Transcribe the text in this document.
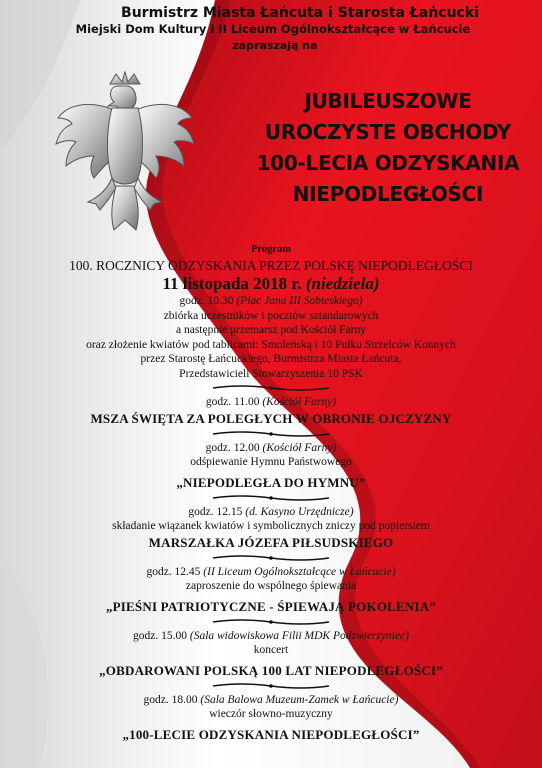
Burmistrz Miasta Łańcuta i Starosta Łańcucki
Miejski Dom Kultury i II Liceum Ogólnokształcące w Łańcucie
zapraszają na
JUBILEUSZOWE
UROCZYSTE OBCHODY
100-LECIA ODZYSKANIA
NIEPODLEGŁOŚCI
Program
100. ROCZNICY ODZYSKANIA PRZEZ POLSKĘ NIEPODLEGŁOŚCI
11 listopada 2018 r. (niedziela)
godz. 10.30 (Plac Jana III Sobieskiego)
zbiórka uczestników i pocztów sztandarowych
a następnie przemarsz pod Kościół Farny
oraz złożenie kwiatów pod tablicami: Smoleńską i 10 Pułku Strzelców Konnych
przez Starostę Łańcuckiego, Burmistrza Miasta Łańcuta,
Przedstawicieli Stowarzyszenia 10 PSK
godz. 11.00 (Kościół Farny)
MSZA ŚWIĘTA ZA POLEGŁYCH W OBRONIE OJCZYZNY
godz. 12.00 (Kościół Farny)
odśpiewanie Hymnu Państwowego
„NIEPODLEGŁA DO HYMNU”
godz. 12.15 (d. Kasyno Urzędnicze)
składanie wiązanek kwiatów i symbolicznych zniczy pod popiersiem
MARSZAŁKA JÓZEFA PIŁSUDSKIEGO
godz. 12.45 (II Liceum Ogólnokształcące w Łańcucie)
zaproszenie do wspólnego śpiewania
„PIEŚNI PATRIOTYCZNE - ŚPIEWAJĄ POKOLENIA”
godz. 15.00 (Sala widowiskowa Filii MDK Podzwierzyniec)
koncert
„OBDAROWANI POLSKĄ 100 LAT NIEPODLEGŁOŚCI”
godz. 18.00 (Sala Balowa Muzeum-Zamek w Łańcucie)
wieczór słowno-muzyczny
„100-LECIE ODZYSKANIA NIEPODLEGŁOŚCI”
